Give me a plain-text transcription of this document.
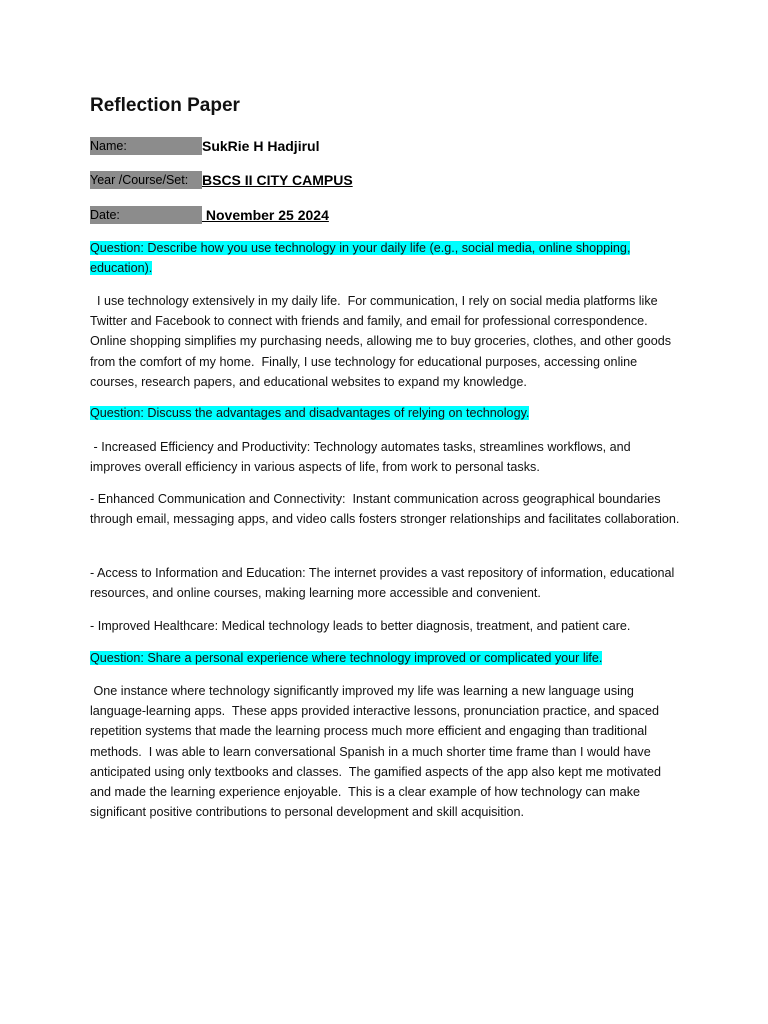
Reflection Paper
Name:	SukRie H Hadjirul
Year /Course/Set: BSCS II CITY CAMPUS
Date:	November 25 2024

Question: Describe how you use technology in your daily life (e.g., social media, online shopping, education).

I use technology extensively in my daily life.  For communication, I rely on social media platforms like Twitter and Facebook to connect with friends and family, and email for professional correspondence.  Online shopping simplifies my purchasing needs, allowing me to buy groceries, clothes, and other goods from the comfort of my home.  Finally, I use technology for educational purposes, accessing online courses, research papers, and educational websites to expand my knowledge.

Question: Discuss the advantages and disadvantages of relying on technology.

- Increased Efficiency and Productivity: Technology automates tasks, streamlines workflows, and improves overall efficiency in various aspects of life, from work to personal tasks.

- Enhanced Communication and Connectivity:  Instant communication across geographical boundaries through email, messaging apps, and video calls fosters stronger relationships and facilitates collaboration.

- Access to Information and Education: The internet provides a vast repository of information, educational resources, and online courses, making learning more accessible and convenient.

- Improved Healthcare: Medical technology leads to better diagnosis, treatment, and patient care.

Question: Share a personal experience where technology improved or complicated your life.

One instance where technology significantly improved my life was learning a new language using language-learning apps.  These apps provided interactive lessons, pronunciation practice, and spaced repetition systems that made the learning process much more efficient and engaging than traditional methods.  I was able to learn conversational Spanish in a much shorter time frame than I would have anticipated using only textbooks and classes.  The gamified aspects of the app also kept me motivated and made the learning experience enjoyable.  This is a clear example of how technology can make significant positive contributions to personal development and skill acquisition.
